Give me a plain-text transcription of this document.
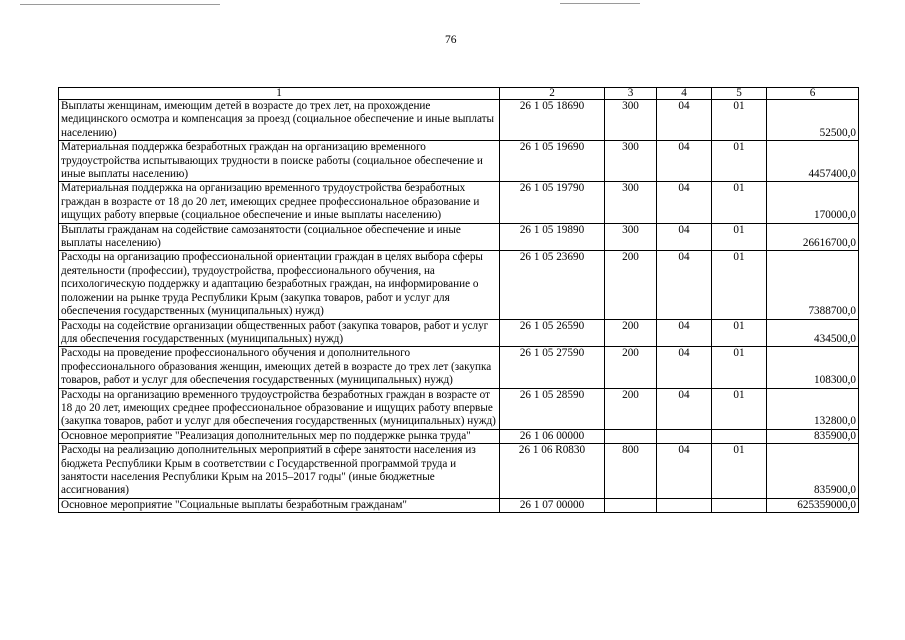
76
1	2	3	4	5	6
Выплаты женщинам, имеющим детей в возрасте до трех лет, на прохождение медицинского осмотра и компенсация за проезд (социальное обеспечение и иные выплаты населению)	26 1 05 18690	300	04	01	52500,0
Материальная поддержка безработных граждан на организацию временного трудоустройства испытывающих трудности в поиске работы (социальное обеспечение и иные выплаты населению)	26 1 05 19690	300	04	01	4457400,0
Материальная поддержка на организацию временного трудоустройства безработных граждан в возрасте от 18 до 20 лет, имеющих среднее профессиональное образование и ищущих работу впервые (социальное обеспечение и иные выплаты населению)	26 1 05 19790	300	04	01	170000,0
Выплаты гражданам на содействие самозанятости (социальное обеспечение и иные выплаты населению)	26 1 05 19890	300	04	01	26616700,0
Расходы на организацию профессиональной ориентации граждан в целях выбора сферы деятельности (профессии), трудоустройства, профессионального обучения, на психологическую поддержку и адаптацию безработных граждан, на информирование о положении на рынке труда Республики Крым (закупка товаров, работ и услуг для обеспечения государственных (муниципальных) нужд)	26 1 05 23690	200	04	01	7388700,0
Расходы на содействие организации общественных работ (закупка товаров, работ и услуг для обеспечения государственных (муниципальных) нужд)	26 1 05 26590	200	04	01	434500,0
Расходы на проведение профессионального обучения и дополнительного профессионального образования женщин, имеющих детей в возрасте до трех лет (закупка товаров, работ и услуг для обеспечения государственных (муниципальных) нужд)	26 1 05 27590	200	04	01	108300,0
Расходы на организацию временного трудоустройства безработных граждан в возрасте от 18 до 20 лет, имеющих среднее профессиональное образование и ищущих работу впервые (закупка товаров, работ и услуг для обеспечения государственных (муниципальных) нужд)	26 1 05 28590	200	04	01	132800,0
Основное мероприятие "Реализация дополнительных мер по поддержке рынка труда"	26 1 06 00000				835900,0
Расходы на реализацию дополнительных мероприятий в сфере занятости населения из бюджета Республики Крым в соответствии с Государственной программой труда и занятости населения Республики Крым на 2015–2017 годы" (иные бюджетные ассигнования)	26 1 06 R0830	800	04	01	835900,0
Основное мероприятие "Социальные выплаты безработным гражданам"	26 1 07 00000				625359000,0
